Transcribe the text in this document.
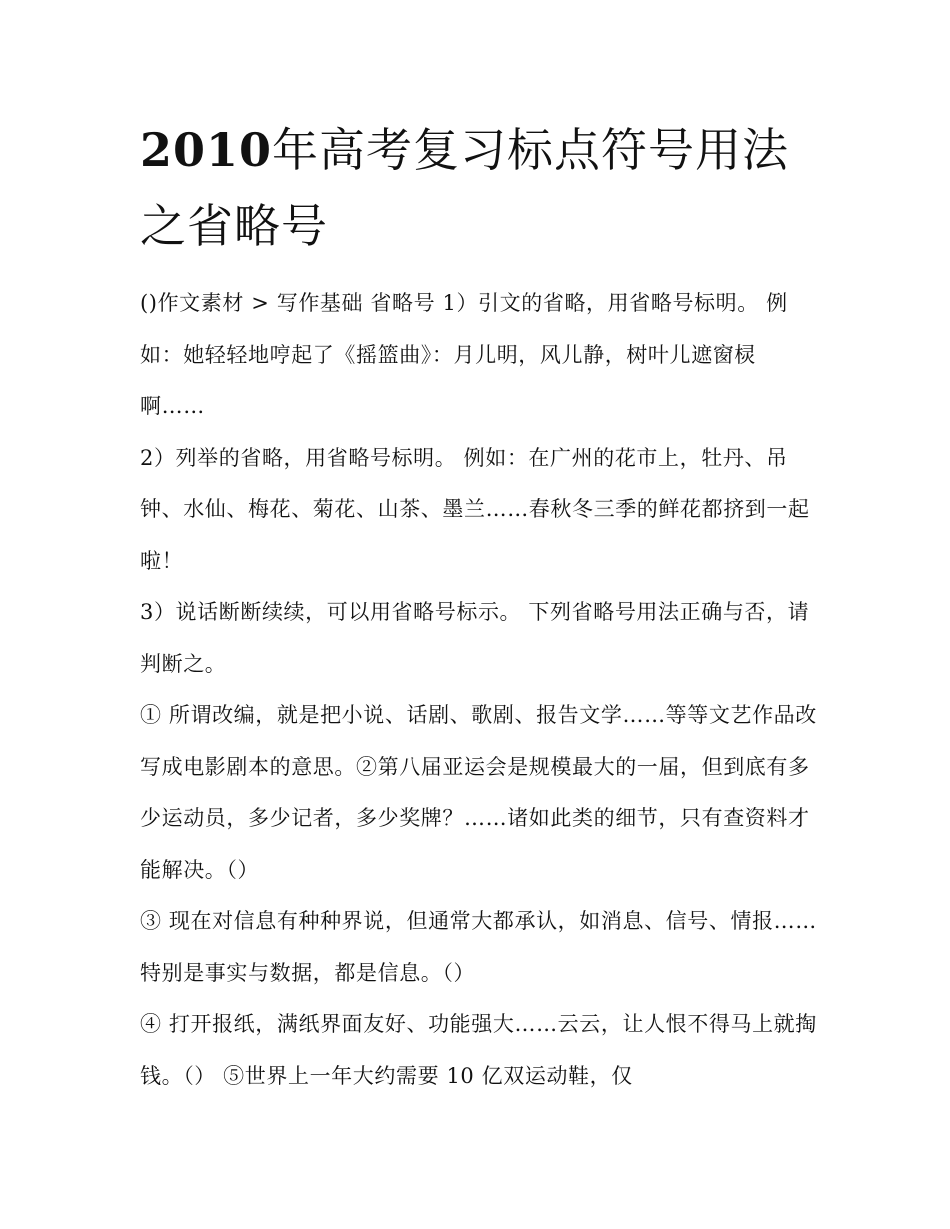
2010年高考复习标点符号用法之省略号

()作文素材 > 写作基础 省略号 1）引文的省略，用省略号标明。 例如：她轻轻地哼起了《摇篮曲》：月儿明，风儿静，树叶儿遮窗棂啊……

2）列举的省略，用省略号标明。 例如：在广州的花市上，牡丹、吊钟、水仙、梅花、菊花、山茶、墨兰……春秋冬三季的鲜花都挤到一起啦！

3）说话断断续续，可以用省略号标示。 下列省略号用法正确与否，请判断之。

① 所谓改编，就是把小说、话剧、歌剧、报告文学……等等文艺作品改写成电影剧本的意思。②第八届亚运会是规模最大的一届，但到底有多少运动员，多少记者，多少奖牌？……诸如此类的细节，只有查资料才能解决。（）

③ 现在对信息有种种界说，但通常大都承认，如消息、信号、情报……特别是事实与数据，都是信息。（）

④ 打开报纸，满纸界面友好、功能强大……云云，让人恨不得马上就掏钱。（） ⑤世界上一年大约需要 10 亿双运动鞋，仅
